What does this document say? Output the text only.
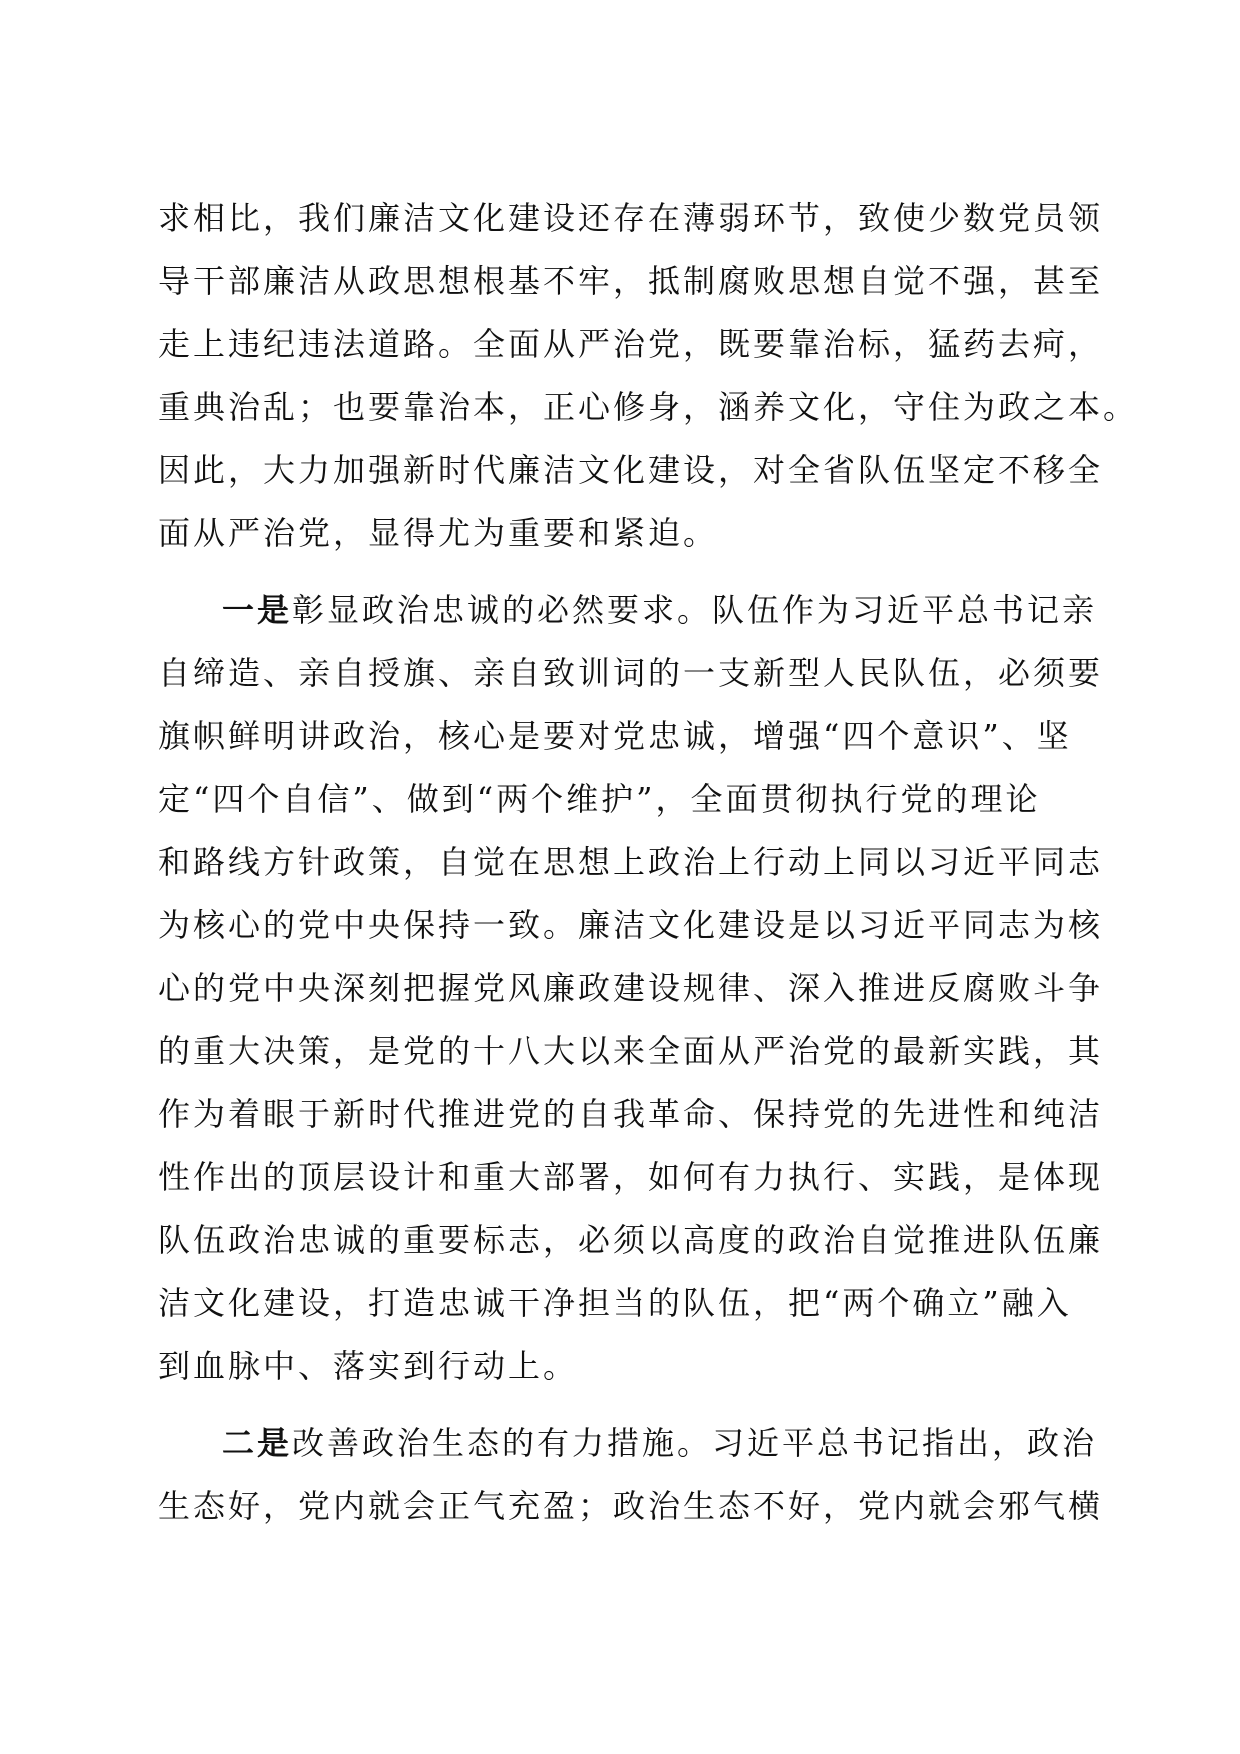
求相比，我们廉洁文化建设还存在薄弱环节，致使少数党员领
导干部廉洁从政思想根基不牢，抵制腐败思想自觉不强，甚至
走上违纪违法道路。全面从严治党，既要靠治标，猛药去疴，
重典治乱；也要靠治本，正心修身，涵养文化，守住为政之本。
因此，大力加强新时代廉洁文化建设，对全省队伍坚定不移全
面从严治党，显得尤为重要和紧迫。
一是彰显政治忠诚的必然要求。队伍作为习近平总书记亲
自缔造、亲自授旗、亲自致训词的一支新型人民队伍，必须要
旗帜鲜明讲政治，核心是要对党忠诚，增强“四个意识”、坚
定“四个自信”、做到“两个维护”，全面贯彻执行党的理论
和路线方针政策，自觉在思想上政治上行动上同以习近平同志
为核心的党中央保持一致。廉洁文化建设是以习近平同志为核
心的党中央深刻把握党风廉政建设规律、深入推进反腐败斗争
的重大决策，是党的十八大以来全面从严治党的最新实践，其
作为着眼于新时代推进党的自我革命、保持党的先进性和纯洁
性作出的顶层设计和重大部署，如何有力执行、实践，是体现
队伍政治忠诚的重要标志，必须以高度的政治自觉推进队伍廉
洁文化建设，打造忠诚干净担当的队伍，把“两个确立”融入
到血脉中、落实到行动上。
二是改善政治生态的有力措施。习近平总书记指出，政治
生态好，党内就会正气充盈；政治生态不好，党内就会邪气横
